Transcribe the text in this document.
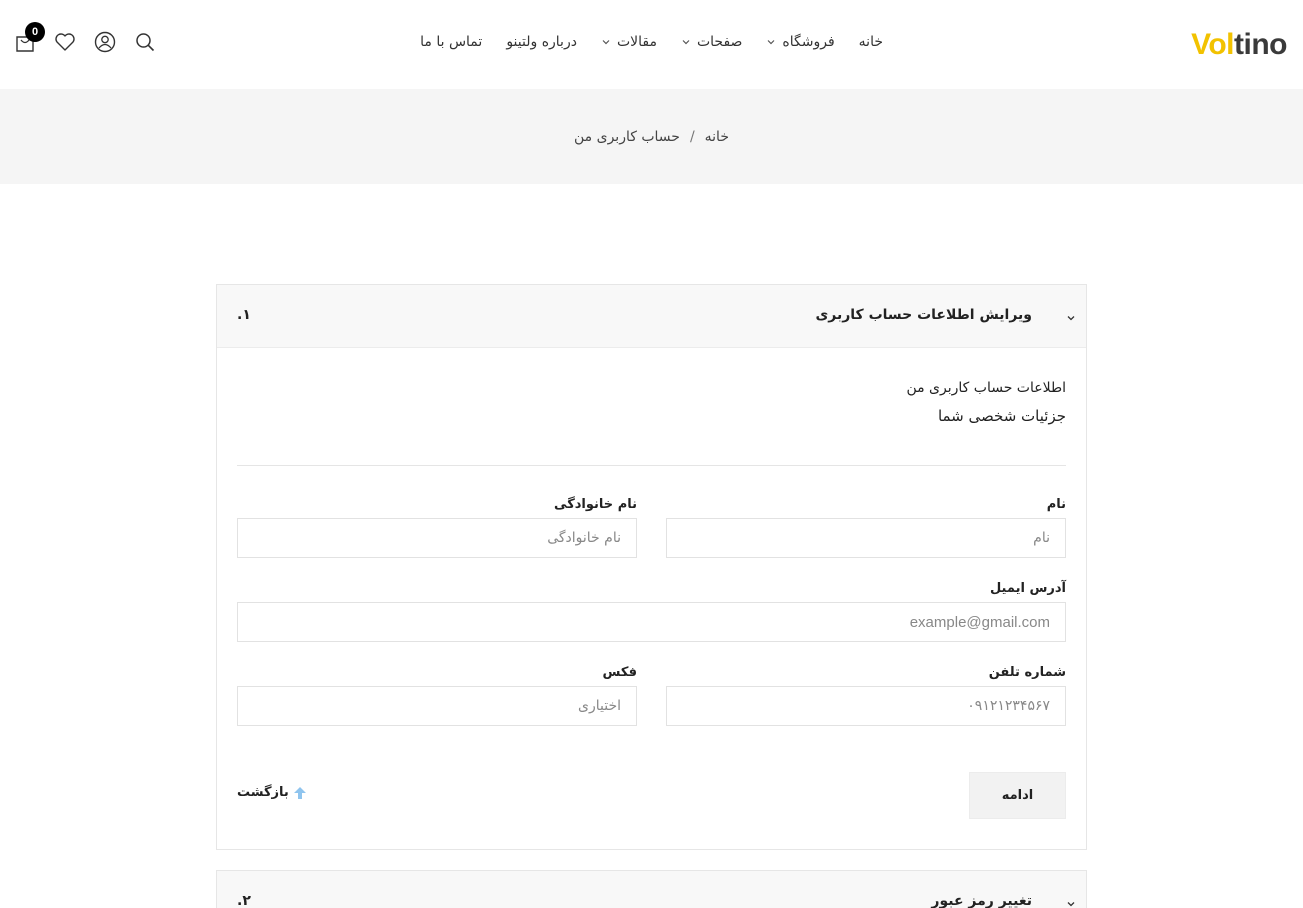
Voltino
خانه
فروشگاه
صفحات
مقالات
درباره ولتینو
تماس با ما
0
خانه
/
حساب کاربری من
ویرایش اطلاعات حساب کاربری
.۱
اطلاعات حساب کاربری من
جزئیات شخصی شما
نام
نام
نام خانوادگی
نام خانوادگی
آدرس ایمیل
example@gmail.com
شماره تلفن
۰۹۱۲۱۲۳۴۵۶۷
فکس
اختیاری
ادامه
بازگشت
تغییر رمز عبور
.۲
